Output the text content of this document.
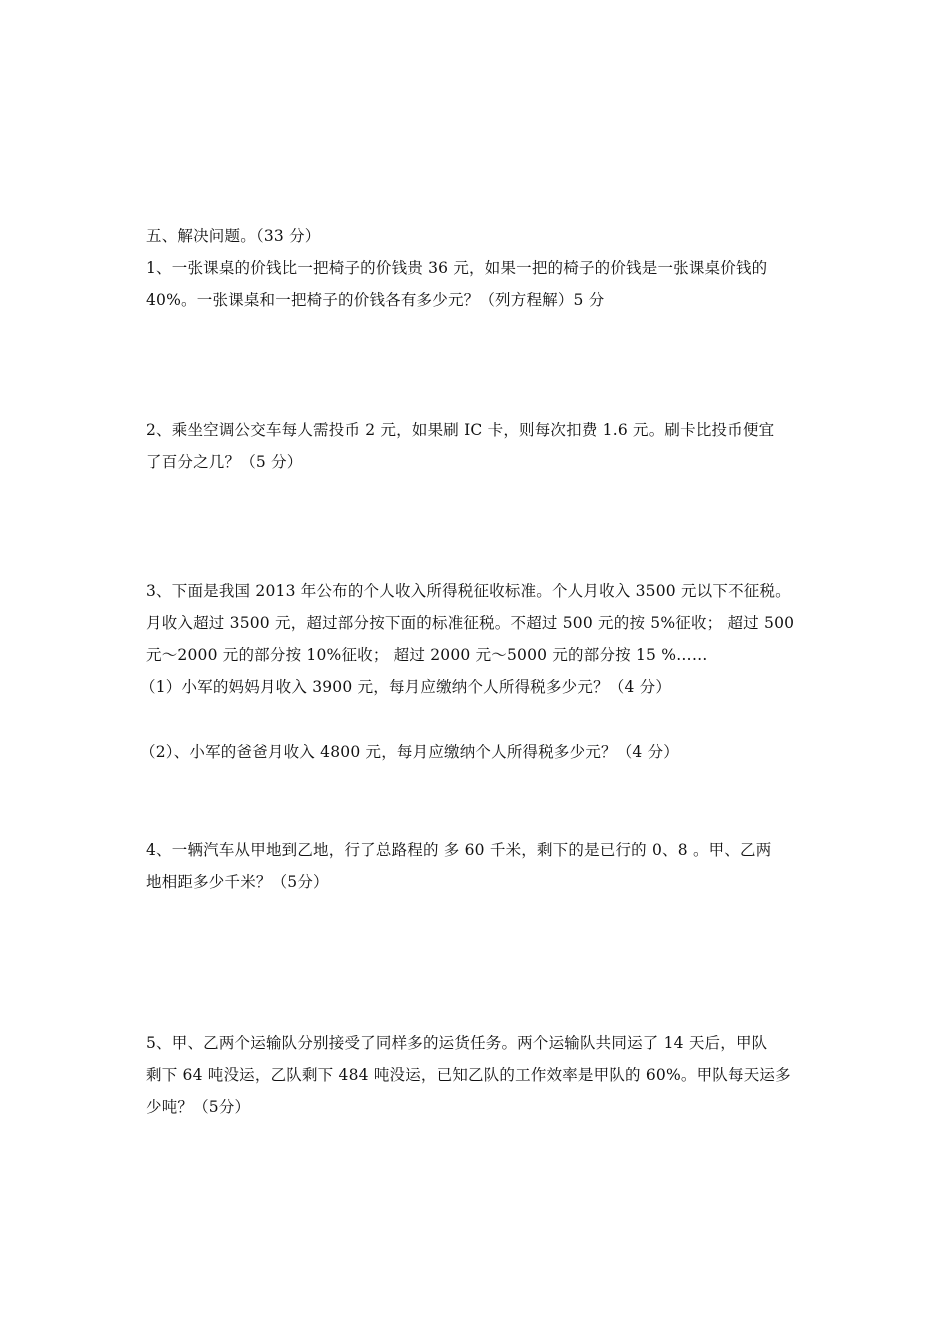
五、解决问题。（33 分）

1、一张课桌的价钱比一把椅子的价钱贵 36 元，如果一把的椅子的价钱是一张课桌价钱的

40%。一张课桌和一把椅子的价钱各有多少元？（列方程解）5 分

2、乘坐空调公交车每人需投币 2 元，如果刷 IC 卡，则每次扣费 1.6 元。刷卡比投币便宜

了百分之几？（5 分）

3、下面是我国 2013 年公布的个人收入所得税征收标准。个人月收入 3500 元以下不征税。

月收入超过 3500 元，超过部分按下面的标准征税。不超过 500 元的按 5%征收； 超过 500

元～2000 元的部分按 10%征收； 超过 2000 元～5000 元的部分按 15 %……

（1）小军的妈妈月收入 3900 元，每月应缴纳个人所得税多少元？（4 分）

（2）、小军的爸爸月收入 4800 元，每月应缴纳个人所得税多少元？（4 分）

4、一辆汽车从甲地到乙地，行了总路程的 多 60 千米，剩下的是已行的 0、8 。甲、乙两

地相距多少千米？（5分）

5、甲、乙两个运输队分别接受了同样多的运货任务。两个运输队共同运了 14 天后，甲队

剩下 64 吨没运，乙队剩下 484 吨没运，已知乙队的工作效率是甲队的 60%。甲队每天运多

少吨？（5分）
